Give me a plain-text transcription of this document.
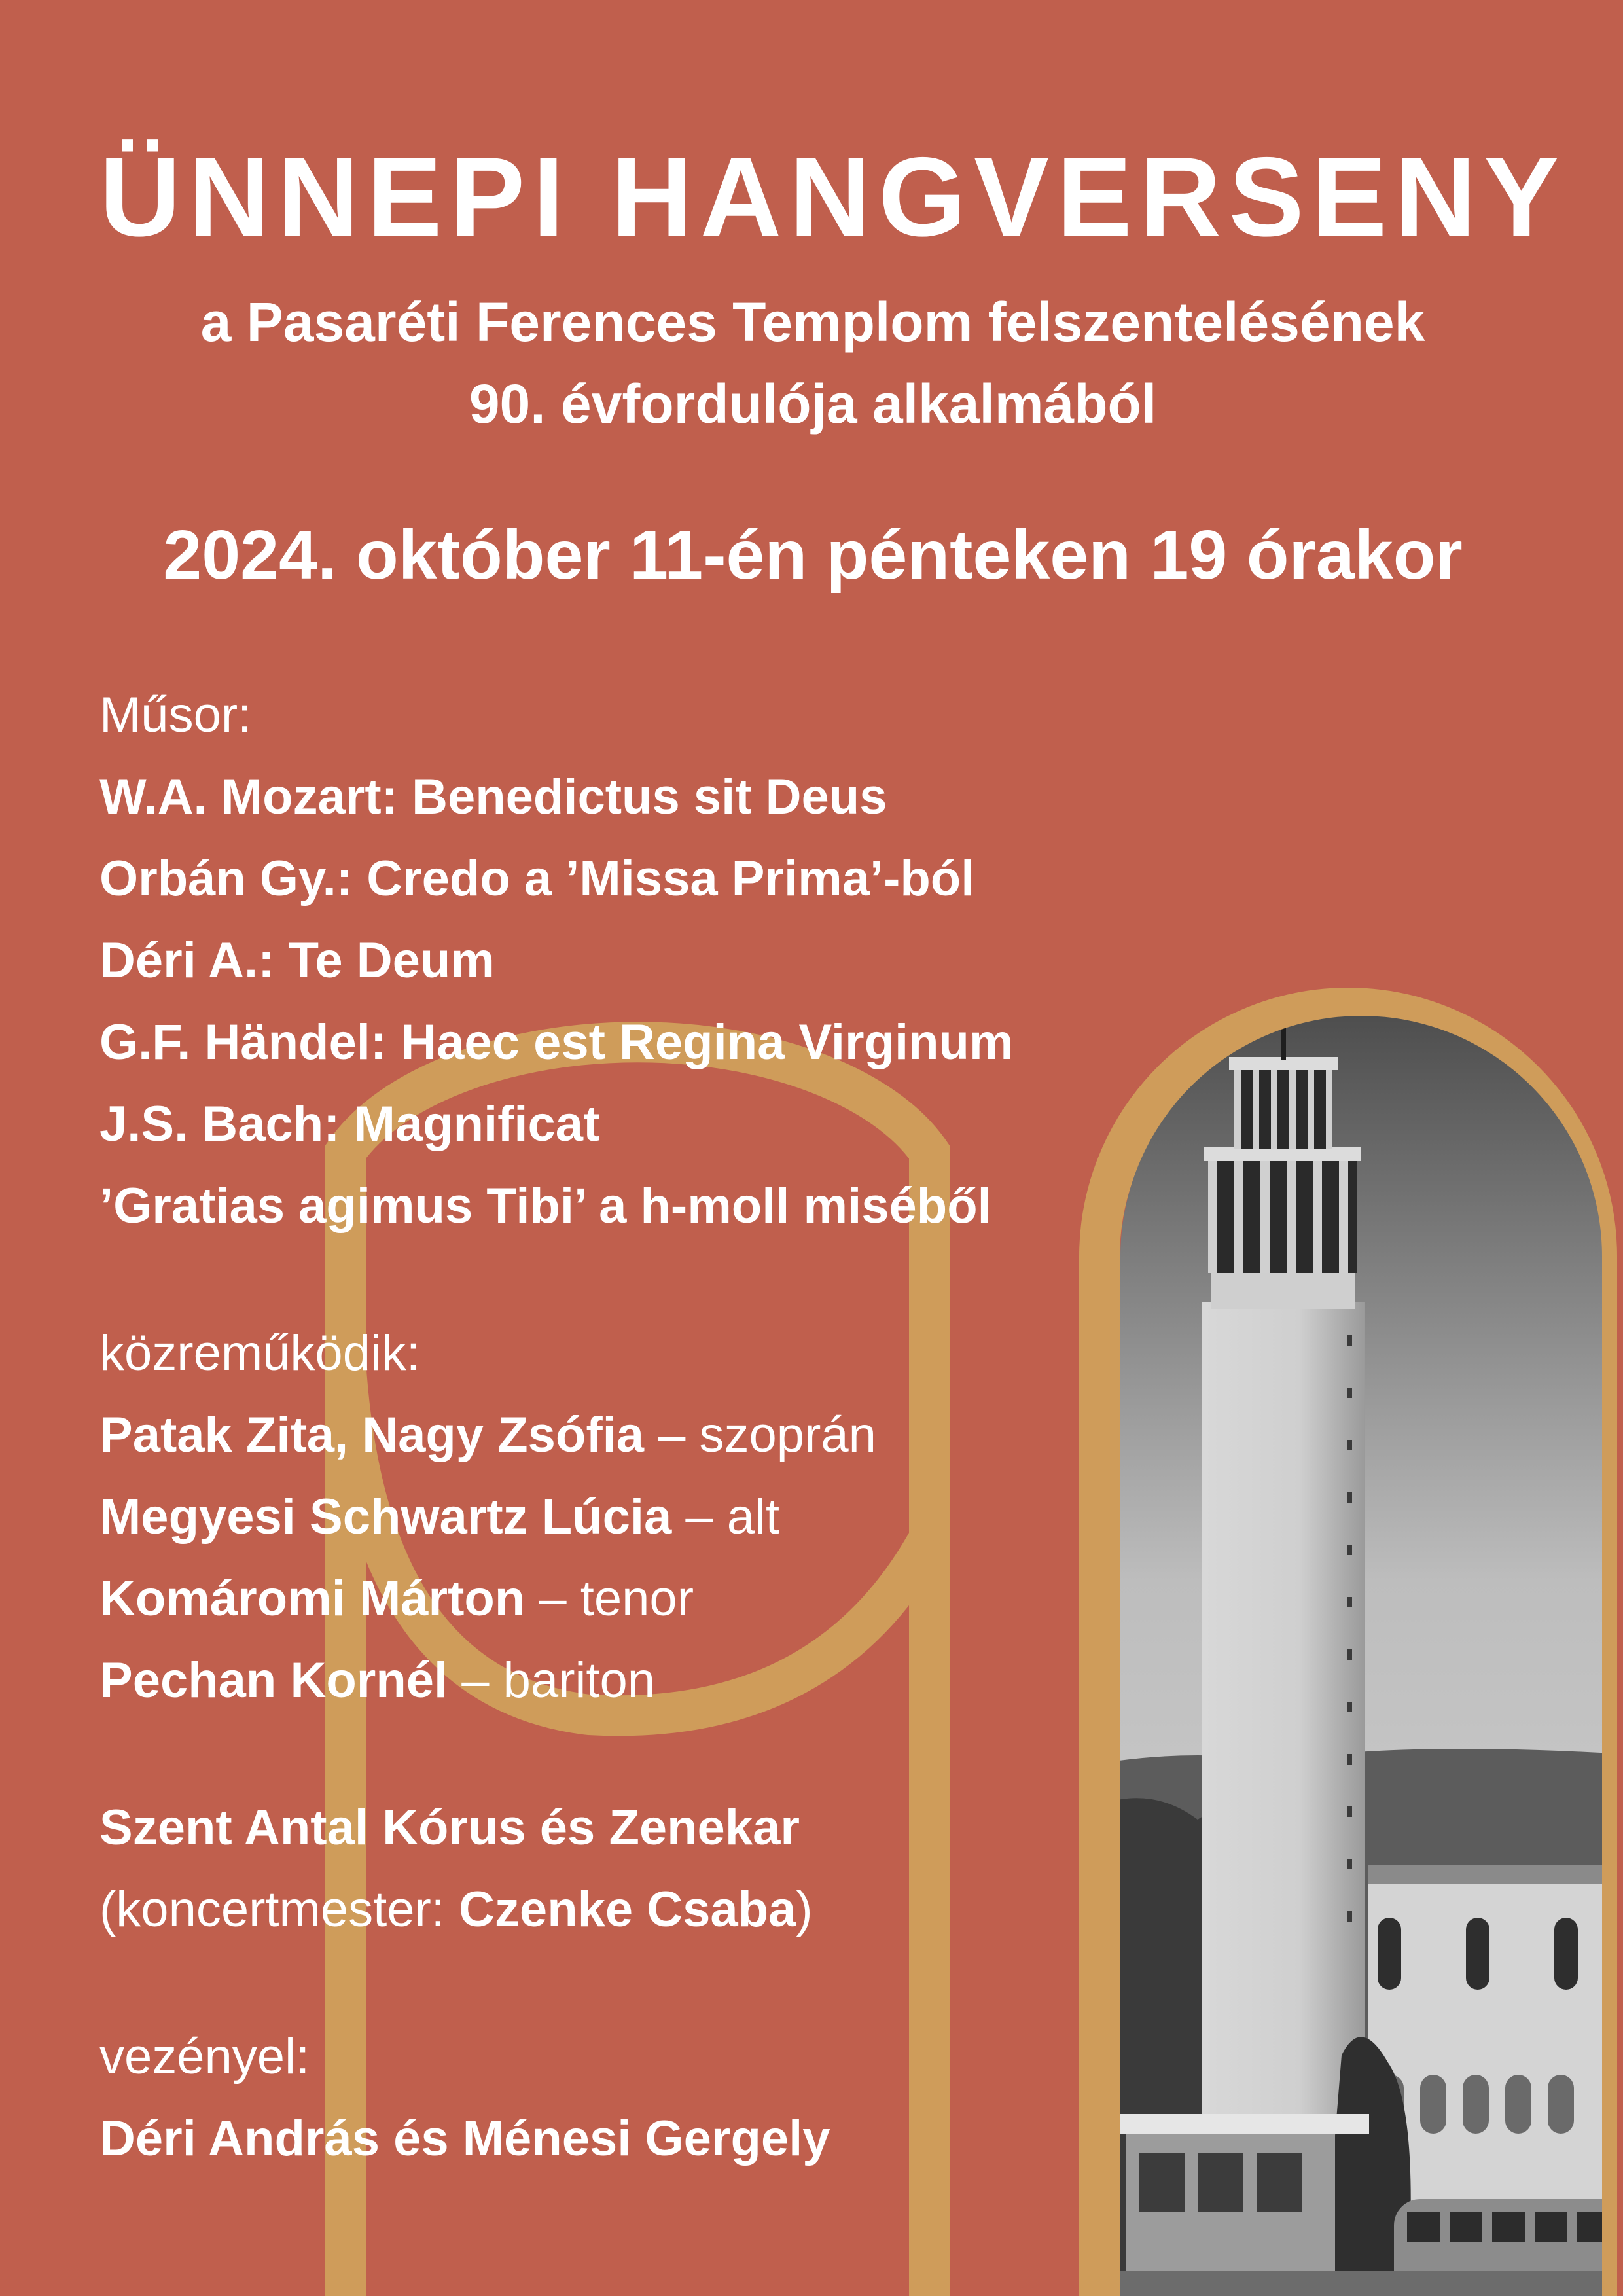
ÜNNEPI HANGVERSENY
a Pasaréti Ferences Templom felszentelésének
90. évfordulója alkalmából
2024. október 11-én pénteken 19 órakor
Műsor:
W.A. Mozart: Benedictus sit Deus
Orbán Gy.: Credo a ’Missa Prima’-ból
Déri A.: Te Deum
G.F. Händel: Haec est Regina Virginum
J.S. Bach: Magnificat
’Gratias agimus Tibi’ a h-moll miséből
közreműködik:
Patak Zita, Nagy Zsófia – szoprán
Megyesi Schwartz Lúcia – alt
Komáromi Márton – tenor
Pechan Kornél – bariton
Szent Antal Kórus és Zenekar
(koncertmester: Czenke Csaba)
vezényel:
Déri András és Ménesi Gergely
